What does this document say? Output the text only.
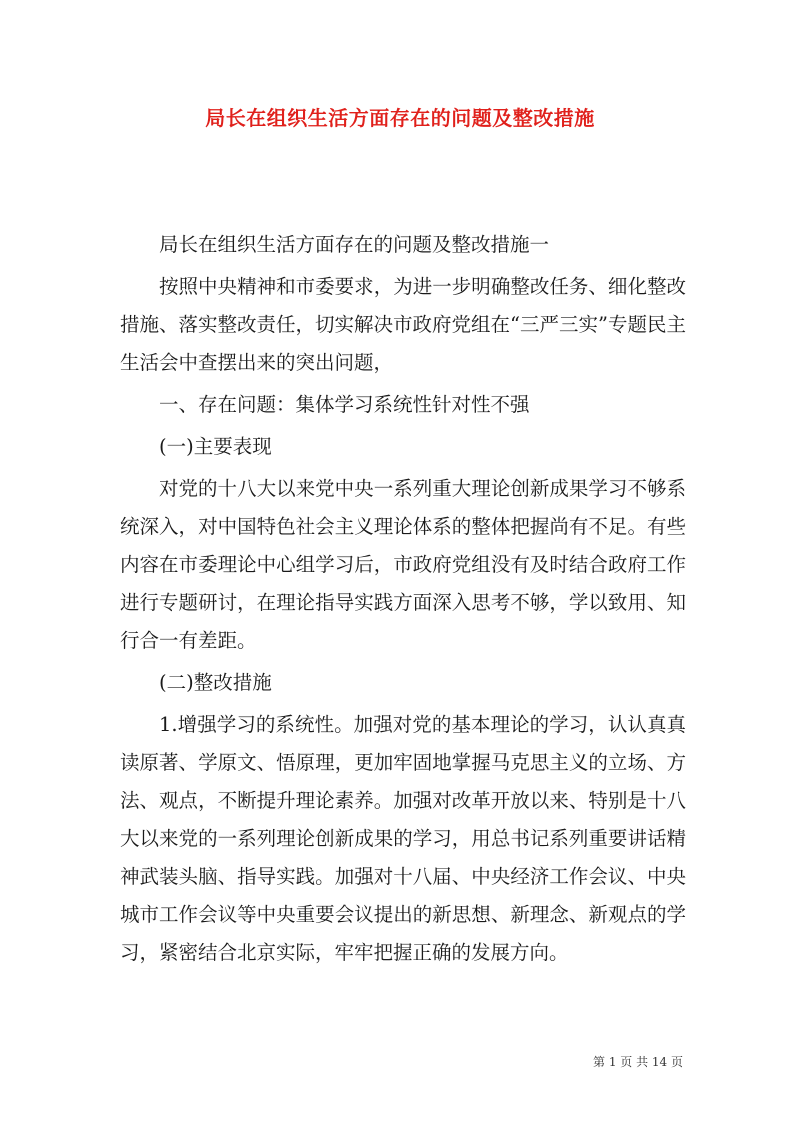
局长在组织生活方面存在的问题及整改措施

局长在组织生活方面存在的问题及整改措施一

按照中央精神和市委要求，为进一步明确整改任务、细化整改措施、落实整改责任，切实解决市政府党组在“三严三实”专题民主生活会中查摆出来的突出问题，

一、存在问题：集体学习系统性针对性不强

(一)主要表现

对党的十八大以来党中央一系列重大理论创新成果学习不够系统深入，对中国特色社会主义理论体系的整体把握尚有不足。有些内容在市委理论中心组学习后，市政府党组没有及时结合政府工作进行专题研讨，在理论指导实践方面深入思考不够，学以致用、知行合一有差距。

(二)整改措施

1.增强学习的系统性。加强对党的基本理论的学习，认认真真读原著、学原文、悟原理，更加牢固地掌握马克思主义的立场、方法、观点，不断提升理论素养。加强对改革开放以来、特别是十八大以来党的一系列理论创新成果的学习，用总书记系列重要讲话精神武装头脑、指导实践。加强对十八届、中央经济工作会议、中央城市工作会议等中央重要会议提出的新思想、新理念、新观点的学习，紧密结合北京实际，牢牢把握正确的发展方向。

第 1 页 共 14 页
